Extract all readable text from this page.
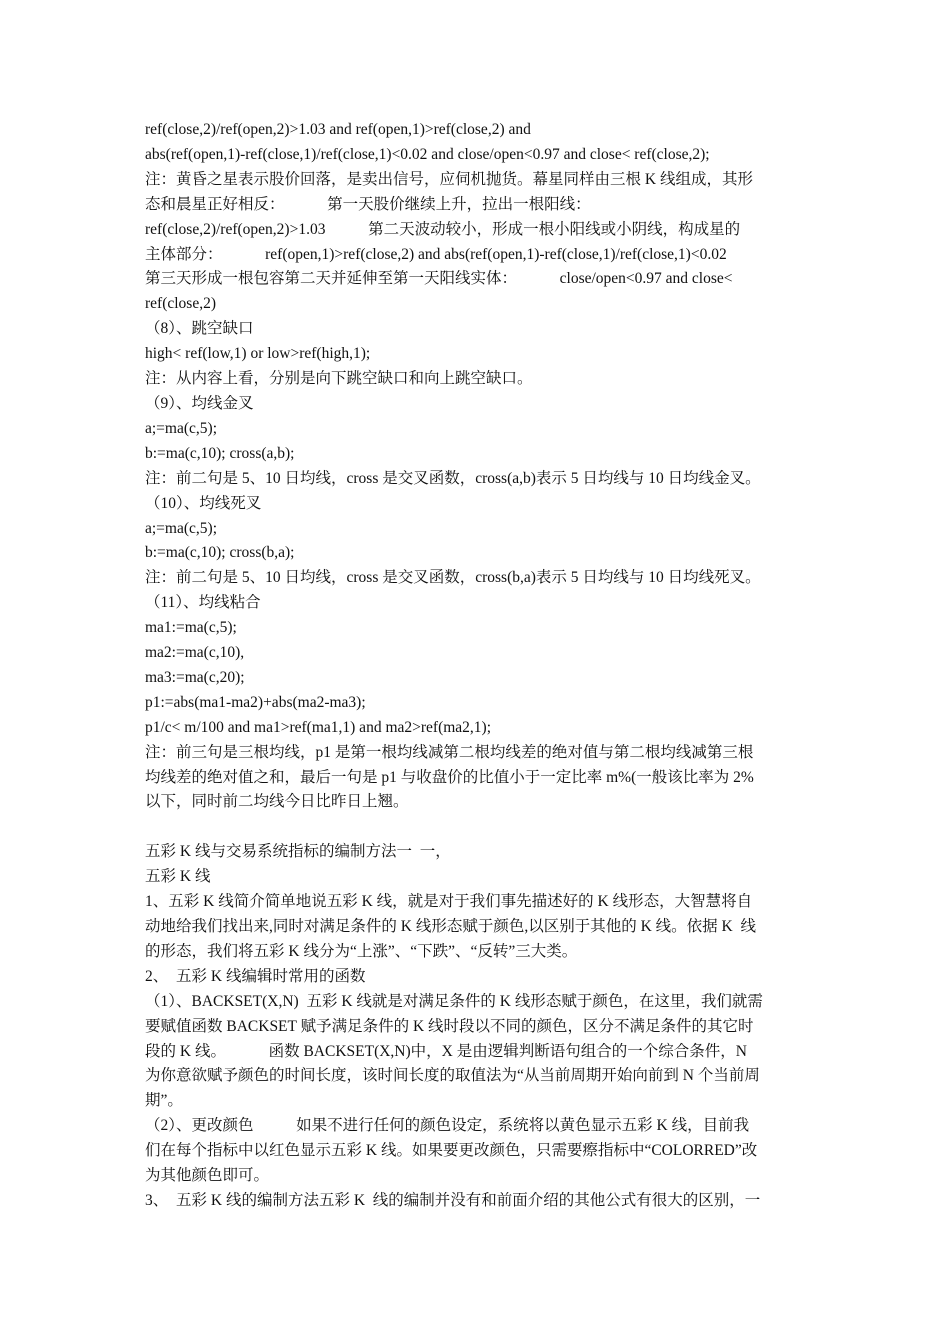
ref(close,2)/ref(open,2)>1.03 and ref(open,1)>ref(close,2) and
abs(ref(open,1)-ref(close,1)/ref(close,1)<0.02 and close/open<0.97 and close< ref(close,2);
注：黄昏之星表示股价回落，是卖出信号，应伺机抛货。幕星同样由三根 K 线组成，其形
态和晨星正好相反：           第一天股价继续上升，拉出一根阳线：
ref(close,2)/ref(open,2)>1.03           第二天波动较小，形成一根小阳线或小阴线，构成星的
主体部分：           ref(open,1)>ref(close,2) and abs(ref(open,1)-ref(close,1)/ref(close,1)<0.02
第三天形成一根包容第二天并延伸至第一天阳线实体：           close/open<0.97 and close<
ref(close,2)
（8）、跳空缺口
high< ref(low,1) or low>ref(high,1);
注：从内容上看，分别是向下跳空缺口和向上跳空缺口。
（9）、均线金叉
a;=ma(c,5);
b:=ma(c,10); cross(a,b);
注：前二句是 5、10 日均线，cross 是交叉函数，cross(a,b)表示 5 日均线与 10 日均线金叉。
（10）、均线死叉
a;=ma(c,5);
b:=ma(c,10); cross(b,a);
注：前二句是 5、10 日均线，cross 是交叉函数，cross(b,a)表示 5 日均线与 10 日均线死叉。
（11）、均线粘合
ma1:=ma(c,5);
ma2:=ma(c,10),
ma3:=ma(c,20);
p1:=abs(ma1-ma2)+abs(ma2-ma3);
p1/c< m/100 and ma1>ref(ma1,1) and ma2>ref(ma2,1);
注：前三句是三根均线，p1 是第一根均线减第二根均线差的绝对值与第二根均线减第三根
均线差的绝对值之和，最后一句是 p1 与收盘价的比值小于一定比率 m%(一般该比率为 2%
以下，同时前二均线今日比昨日上翘。
五彩 K 线与交易系统指标的编制方法一  一，
五彩 K 线
1、五彩 K 线简介简单地说五彩 K 线，就是对于我们事先描述好的 K 线形态，大智慧将自
动地给我们找出来,同时对满足条件的 K 线形态赋于颜色,以区别于其他的 K 线。依据 K  线
的形态，我们将五彩 K 线分为“上涨”、“下跌”、“反转”三大类。
2、  五彩 K 线编辑时常用的函数
（1）、BACKSET(X,N)  五彩 K 线就是对满足条件的 K 线形态赋于颜色，在这里，我们就需
要赋值函数 BACKSET 赋予满足条件的 K 线时段以不同的颜色，区分不满足条件的其它时
段的 K 线。           函数 BACKSET(X,N)中，X 是由逻辑判断语句组合的一个综合条件，N
为你意欲赋予颜色的时间长度，该时间长度的取值法为“从当前周期开始向前到 N 个当前周
期”。
（2）、更改颜色           如果不进行任何的颜色设定，系统将以黄色显示五彩 K 线，目前我
们在每个指标中以红色显示五彩 K 线。如果要更改颜色，只需要瘵指标中“COLORRED”改
为其他颜色即可。
3、  五彩 K 线的编制方法五彩 K  线的编制并没有和前面介绍的其他公式有很大的区别，一
